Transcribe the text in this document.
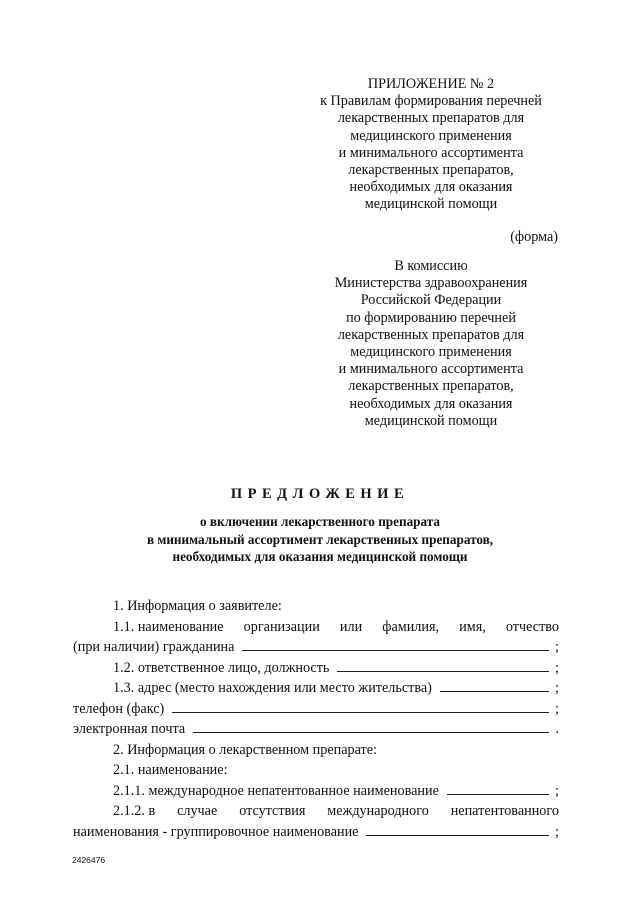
ПРИЛОЖЕНИЕ № 2
к Правилам формирования перечней
лекарственных препаратов для
медицинского применения
и минимального ассортимента
лекарственных препаратов,
необходимых для оказания
медицинской помощи
(форма)
В комиссию
Министерства здравоохранения
Российской Федерации
по формированию перечней
лекарственных препаратов для
медицинского применения
и минимального ассортимента
лекарственных препаратов,
необходимых для оказания
медицинской помощи
ПРЕДЛОЖЕНИЕ
о включении лекарственного препарата
в минимальный ассортимент лекарственных препаратов,
необходимых для оказания медицинской помощи
1. Информация о заявителе:
1.1. наименование организации или фамилия, имя, отчество
(при наличии) гражданина	;
1.2. ответственное лицо, должность	;
1.3. адрес (место нахождения или место жительства)	;
телефон (факс)	;
электронная почта	.
2. Информация о лекарственном препарате:
2.1. наименование:
2.1.1. международное непатентованное наименование	;
2.1.2. в случае отсутствия международного непатентованного
наименования - группировочное наименование	;
2426476
